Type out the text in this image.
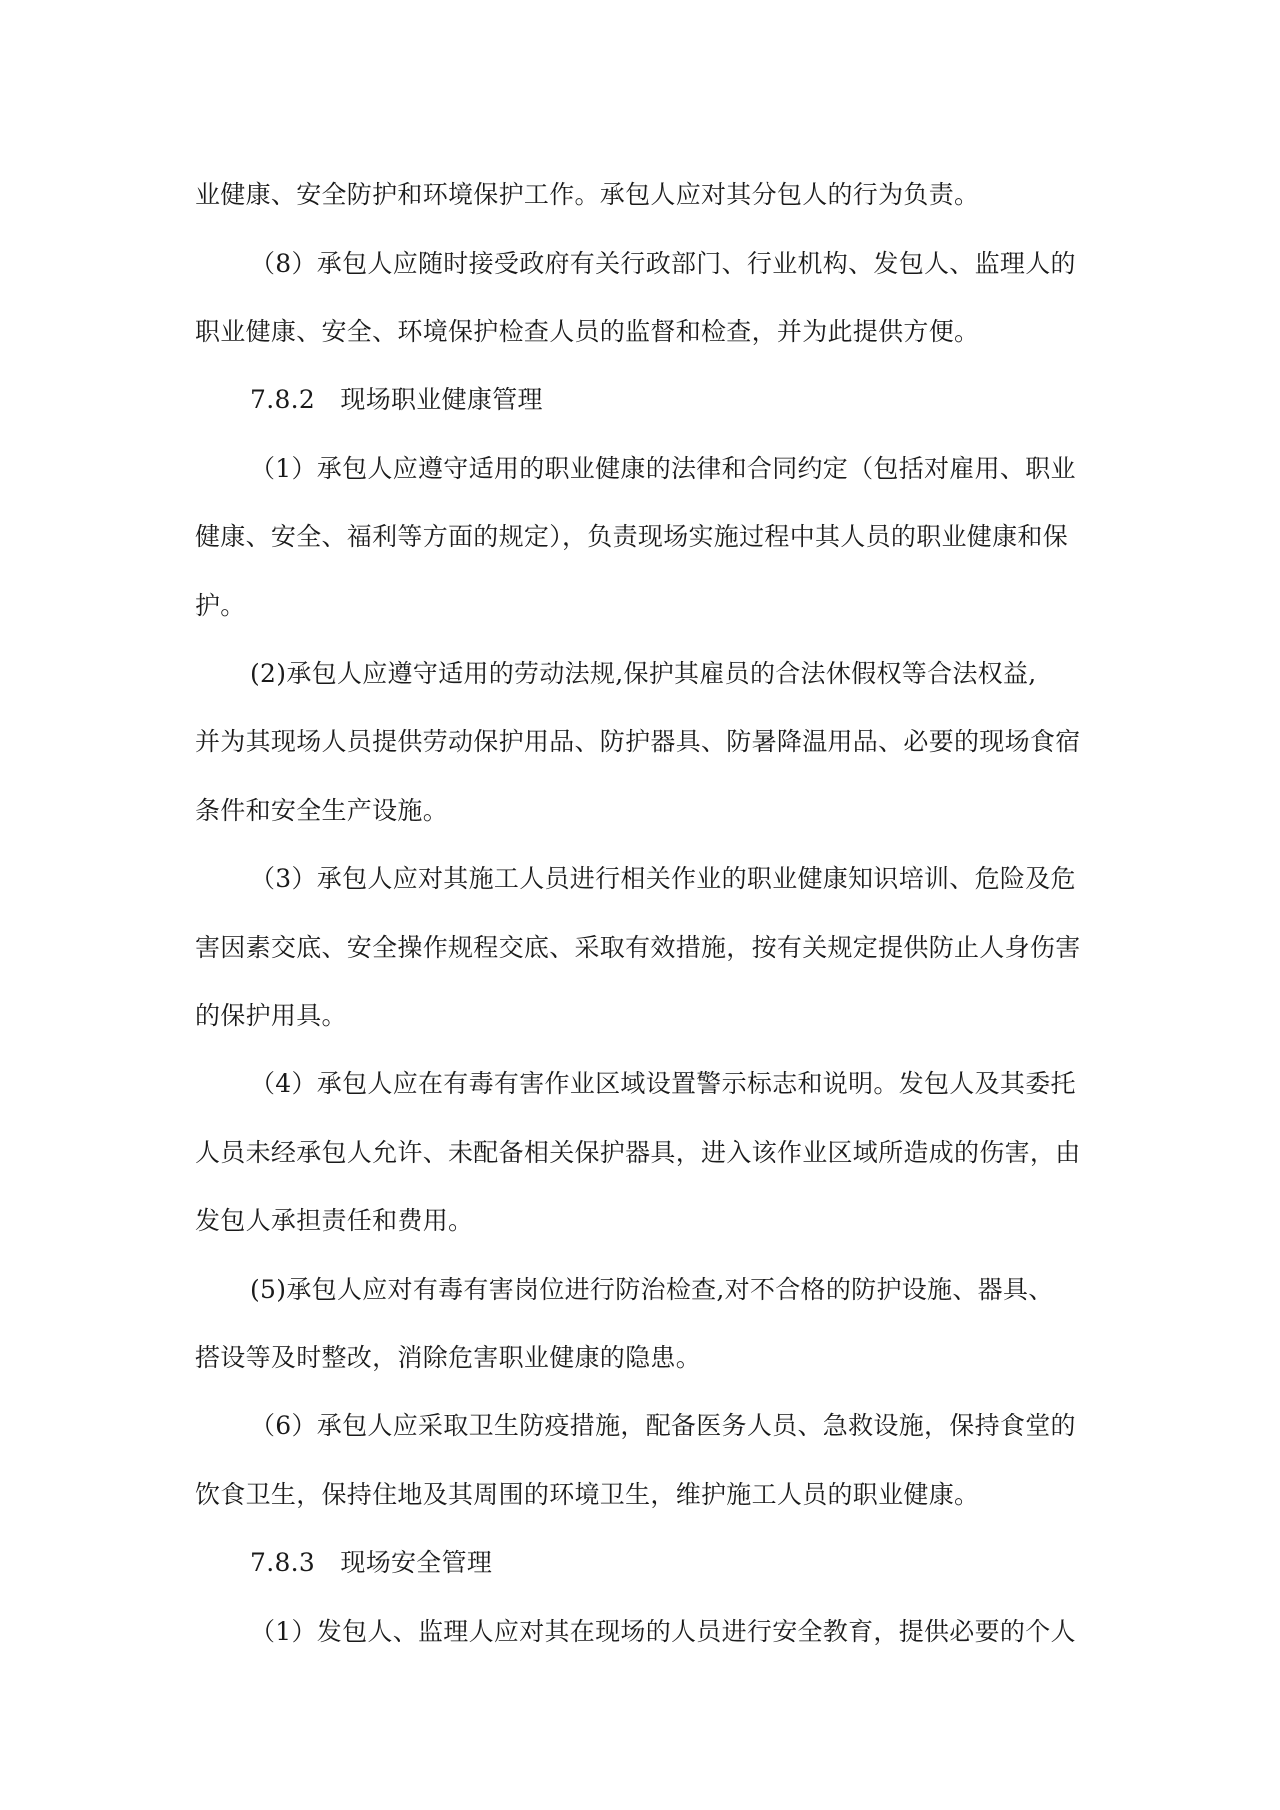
业健康、安全防护和环境保护工作。承包人应对其分包人的行为负责。
（8）承包人应随时接受政府有关行政部门、行业机构、发包人、监理人的
职业健康、安全、环境保护检查人员的监督和检查，并为此提供方便。
7.8.2　现场职业健康管理
（1）承包人应遵守适用的职业健康的法律和合同约定（包括对雇用、职业
健康、安全、福利等方面的规定），负责现场实施过程中其人员的职业健康和保
护。
(2)承包人应遵守适用的劳动法规,保护其雇员的合法休假权等合法权益,
并为其现场人员提供劳动保护用品、防护器具、防暑降温用品、必要的现场食宿
条件和安全生产设施。
（3）承包人应对其施工人员进行相关作业的职业健康知识培训、危险及危
害因素交底、安全操作规程交底、采取有效措施，按有关规定提供防止人身伤害
的保护用具。
（4）承包人应在有毒有害作业区域设置警示标志和说明。发包人及其委托
人员未经承包人允许、未配备相关保护器具，进入该作业区域所造成的伤害，由
发包人承担责任和费用。
(5)承包人应对有毒有害岗位进行防治检查,对不合格的防护设施、器具、
搭设等及时整改，消除危害职业健康的隐患。
（6）承包人应采取卫生防疫措施，配备医务人员、急救设施，保持食堂的
饮食卫生，保持住地及其周围的环境卫生，维护施工人员的职业健康。
7.8.3　现场安全管理
（1）发包人、监理人应对其在现场的人员进行安全教育，提供必要的个人
